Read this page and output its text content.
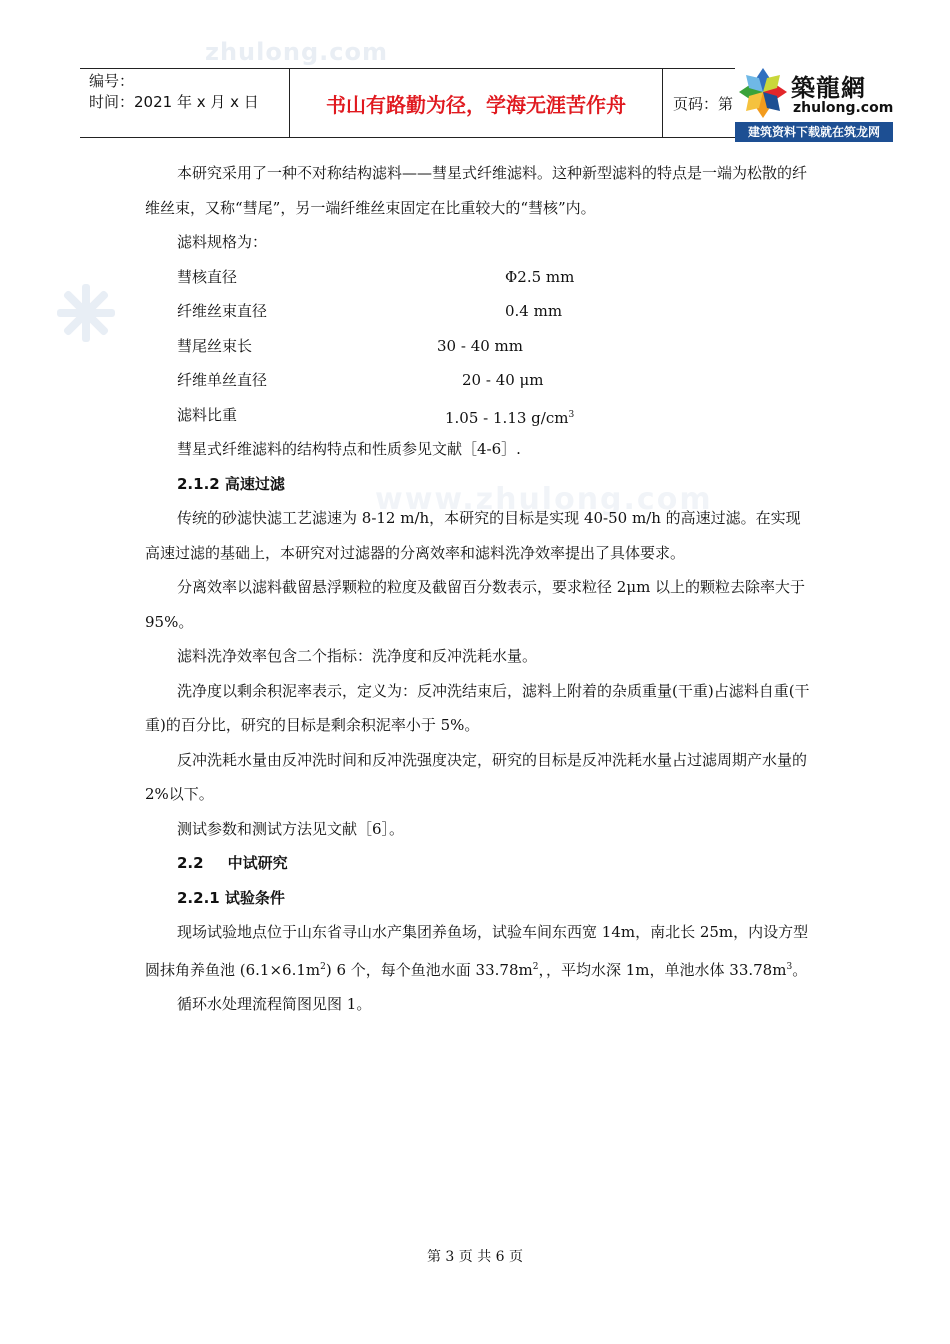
zhulong.com
www.zhulong.com
编号：
时间：2021 年 x 月 x 日	书山有路勤为径，学海无涯苦作舟	页码：第
築龍網
zhulong.com
建筑资料下载就在筑龙网

本研究采用了一种不对称结构滤料——彗星式纤维滤料。这种新型滤料的特点是一端为松散的纤维丝束，又称“彗尾”，另一端纤维丝束固定在比重较大的“彗核”内。

滤料规格为：

彗核直径	Φ2.5 mm
纤维丝束直径	0.4 mm
彗尾丝束长	30 - 40 mm
纤维单丝直径	20 - 40 μm
滤料比重	1.05 - 1.13 $g/cm^3$

彗星式纤维滤料的结构特点和性质参见文献［4-6］.

2.1.2 高速过滤

传统的砂滤快滤工艺滤速为 8-12 m/h，本研究的目标是实现 40-50 m/h 的高速过滤。在实现高速过滤的基础上，本研究对过滤器的分离效率和滤料洗净效率提出了具体要求。

分离效率以滤料截留悬浮颗粒的粒度及截留百分数表示，要求粒径 2μm 以上的颗粒去除率大于 95%。

滤料洗净效率包含二个指标：洗净度和反冲洗耗水量。

洗净度以剩余积泥率表示，定义为：反冲洗结束后，滤料上附着的杂质重量(干重)占滤料自重(干重)的百分比，研究的目标是剩余积泥率小于 5%。

反冲洗耗水量由反冲洗时间和反冲洗强度决定，研究的目标是反冲洗耗水量占过滤周期产水量的 2%以下。

测试参数和测试方法见文献［6］。

2.2 中试研究
2.2.1 试验条件

现场试验地点位于山东省寻山水产集团养鱼场，试验车间东西宽 14m，南北长 25m，内设方型圆抹角养鱼池 $(6.1\times 6.1m^2)$ 6 个，每个鱼池水面 $33.78m^2$，，平均水深 1m，单池水体 $33.78m^3$。

循环水处理流程简图见图 1。

第 3 页 共 6 页
